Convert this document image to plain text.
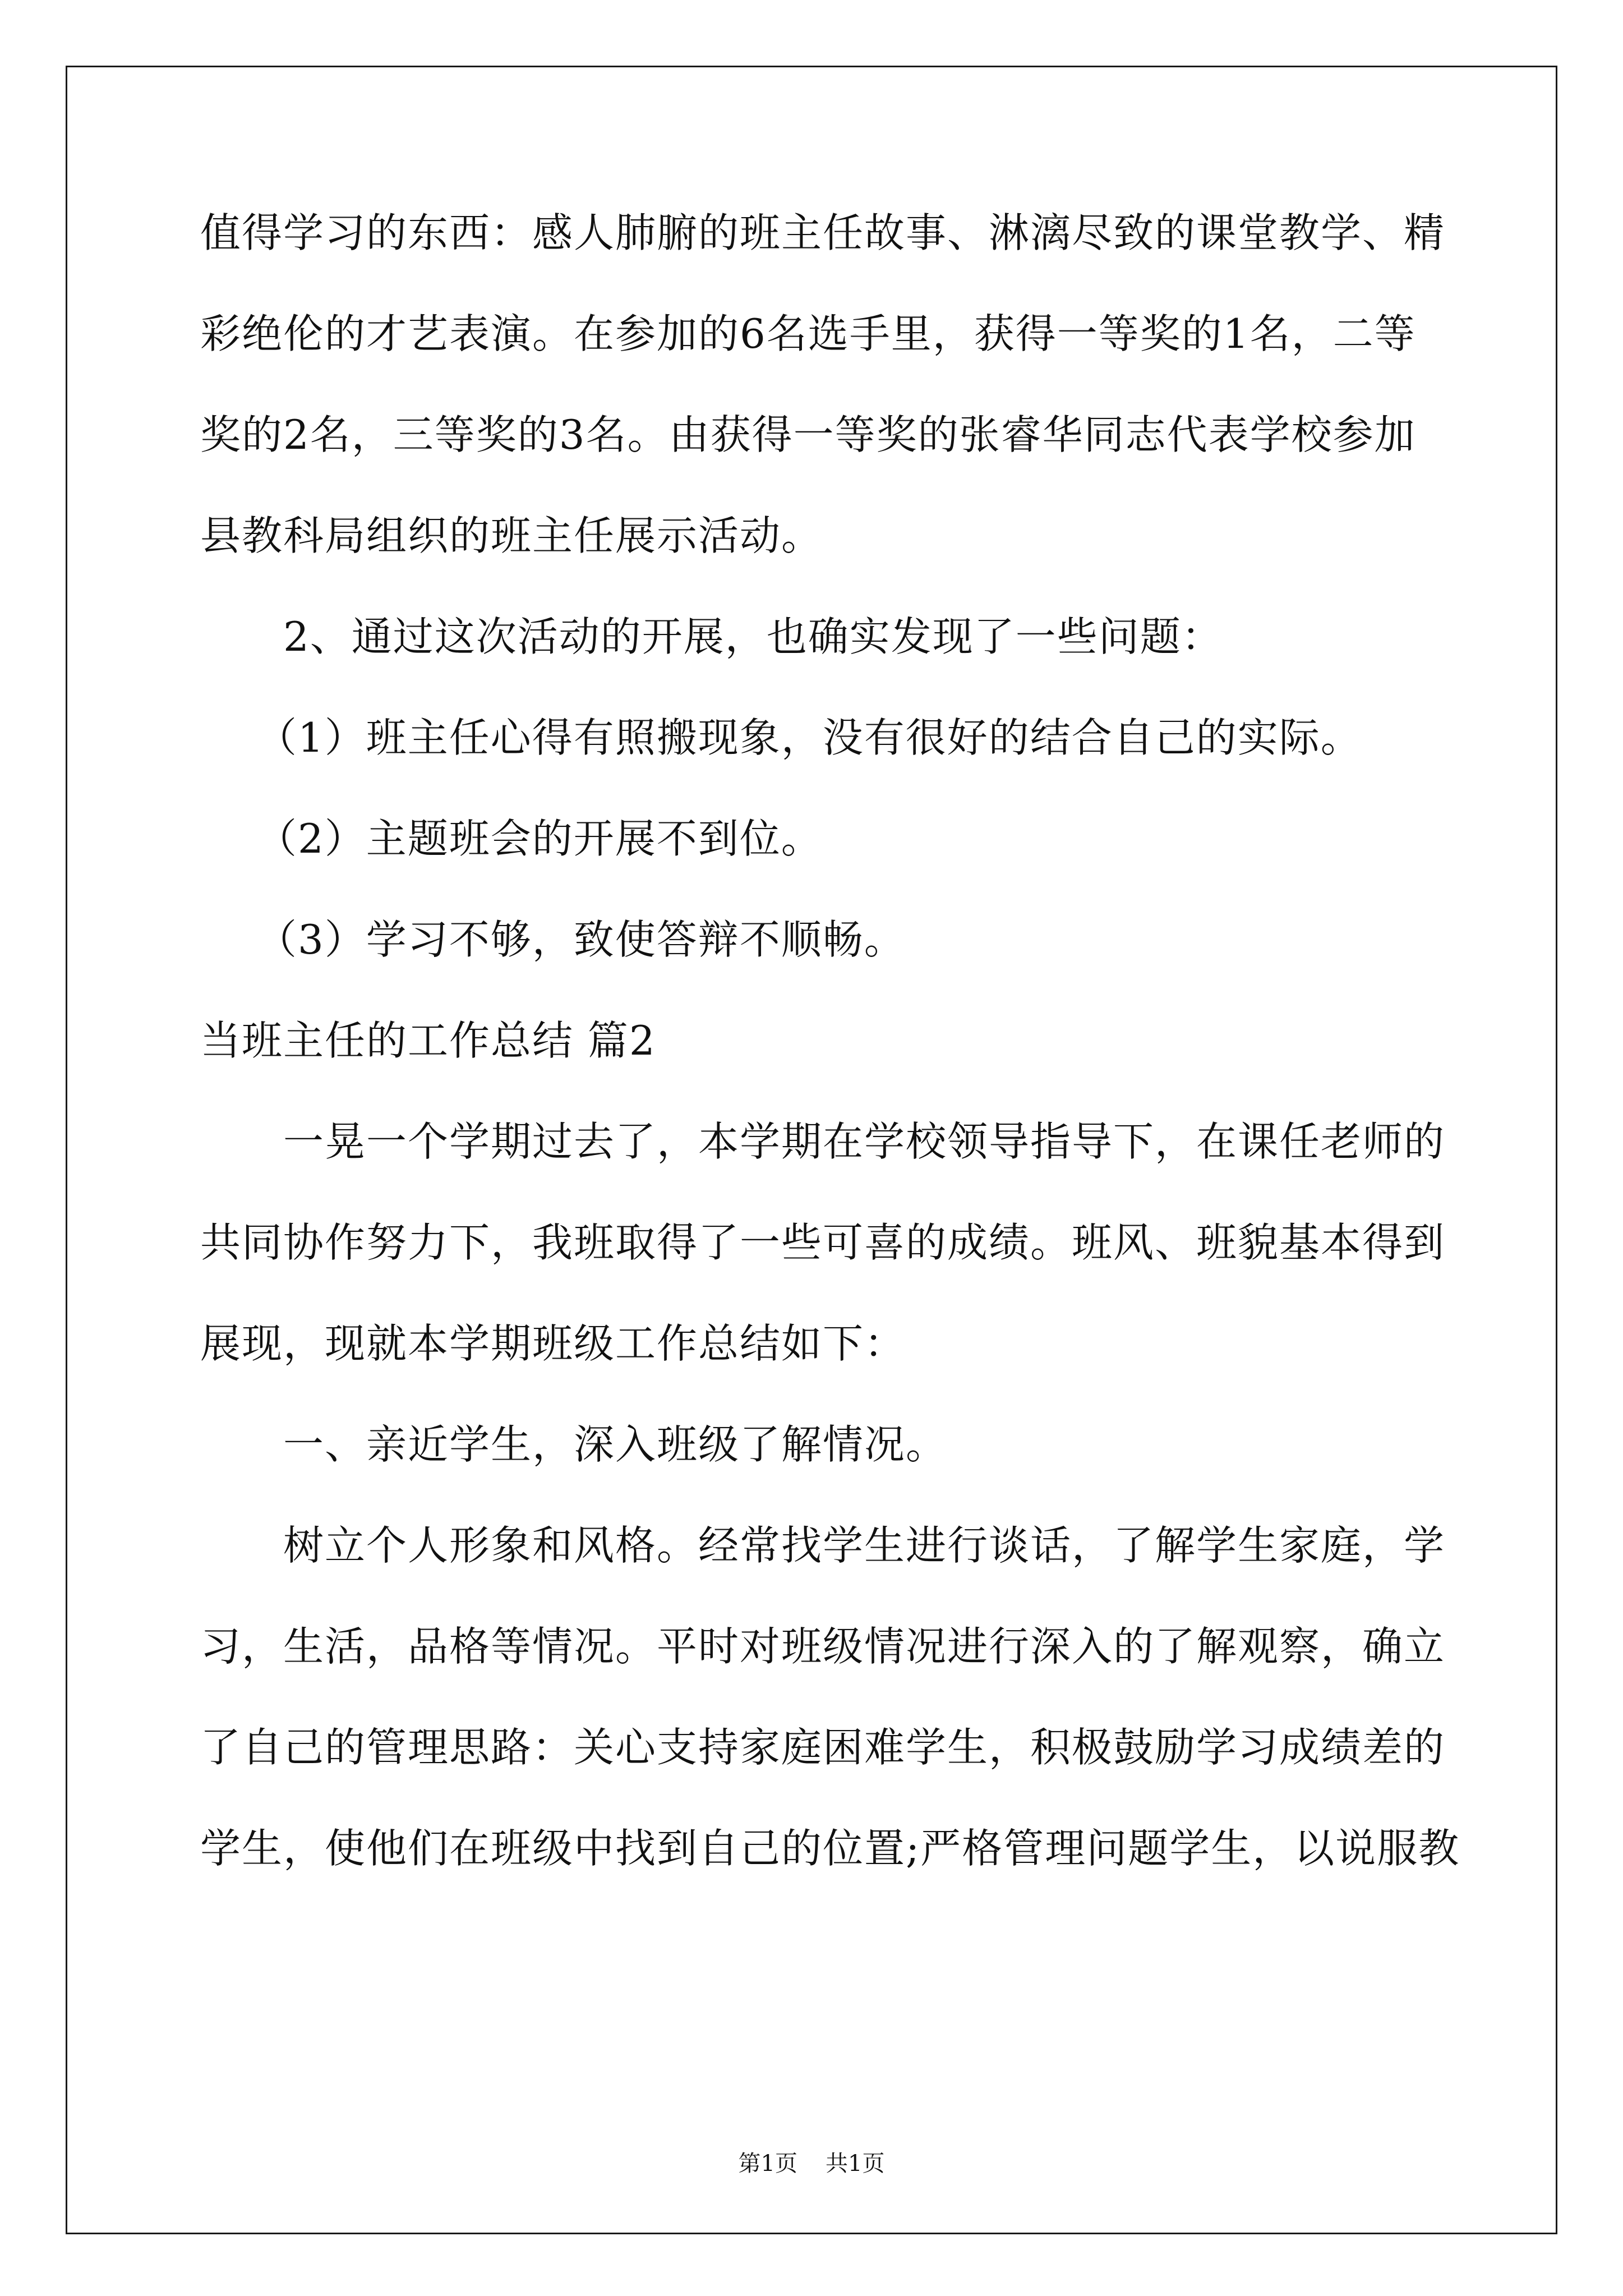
值得学习的东西：感人肺腑的班主任故事、淋漓尽致的课堂教学、精
彩绝伦的才艺表演。在参加的6名选手里，获得一等奖的1名，二等
奖的2名，三等奖的3名。由获得一等奖的张睿华同志代表学校参加
县教科局组织的班主任展示活动。
2、通过这次活动的开展，也确实发现了一些问题：
（1）班主任心得有照搬现象，没有很好的结合自己的实际。
（2）主题班会的开展不到位。
（3）学习不够，致使答辩不顺畅。
当班主任的工作总结 篇2
一晃一个学期过去了，本学期在学校领导指导下，在课任老师的
共同协作努力下，我班取得了一些可喜的成绩。班风、班貌基本得到
展现，现就本学期班级工作总结如下：
一、亲近学生，深入班级了解情况。
树立个人形象和风格。经常找学生进行谈话，了解学生家庭，学
习，生活，品格等情况。平时对班级情况进行深入的了解观察，确立
了自己的管理思路：关心支持家庭困难学生，积极鼓励学习成绩差的
学生，使他们在班级中找到自己的位置;严格管理问题学生，以说服教
第1页 共1页
